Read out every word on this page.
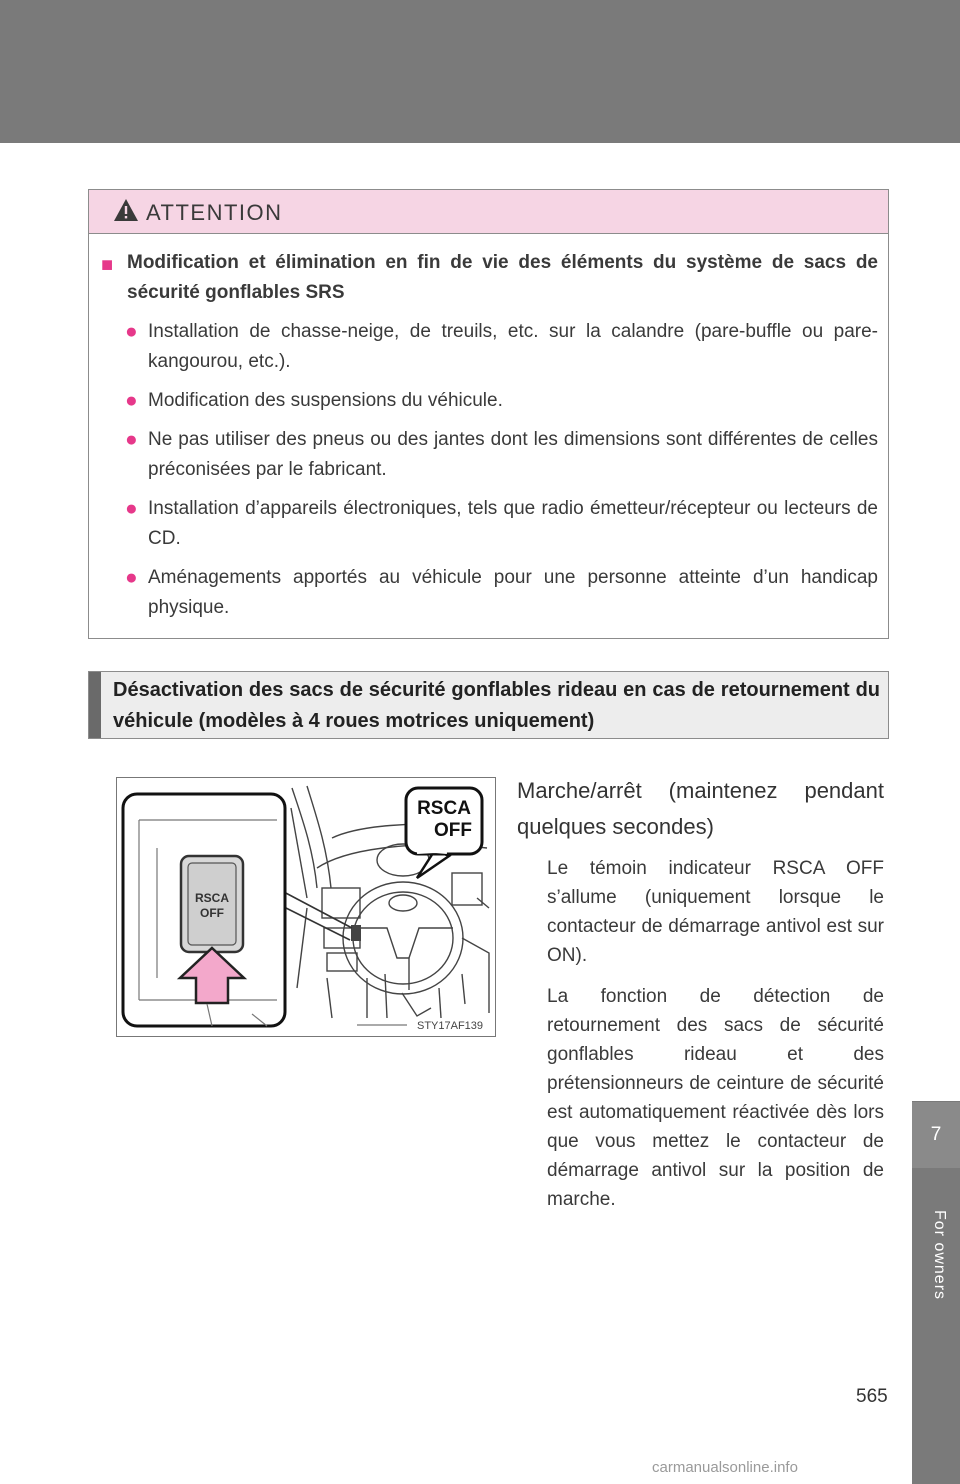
ATTENTION
■ Modification et élimination en fin de vie des éléments du système de sacs de sécurité gonflables SRS
● Installation de chasse-neige, de treuils, etc. sur la calandre (pare-buffle ou pare-kangourou, etc.).
● Modification des suspensions du véhicule.
● Ne pas utiliser des pneus ou des jantes dont les dimensions sont différentes de celles préconisées par le fabricant.
● Installation d’appareils électroniques, tels que radio émetteur/récepteur ou lecteurs de CD.
● Aménagements apportés au véhicule pour une personne atteinte d’un handicap physique.
Désactivation des sacs de sécurité gonflables rideau en cas de retournement du véhicule (modèles à 4 roues motrices uniquement)
RSCA
OFF
RSCA
OFF
STY17AF139
Marche/arrêt (maintenez pendant quelques secondes)
Le témoin indicateur RSCA OFF s’allume (uniquement lorsque le contacteur de démarrage antivol est sur ON).
La fonction de détection de retournement des sacs de sécurité gonflables rideau et des prétensionneurs de ceinture de sécurité est automatiquement réactivée dès lors que vous mettez le contacteur de démarrage antivol sur la position de marche.
7
For owners
565
carmanualsonline.info
